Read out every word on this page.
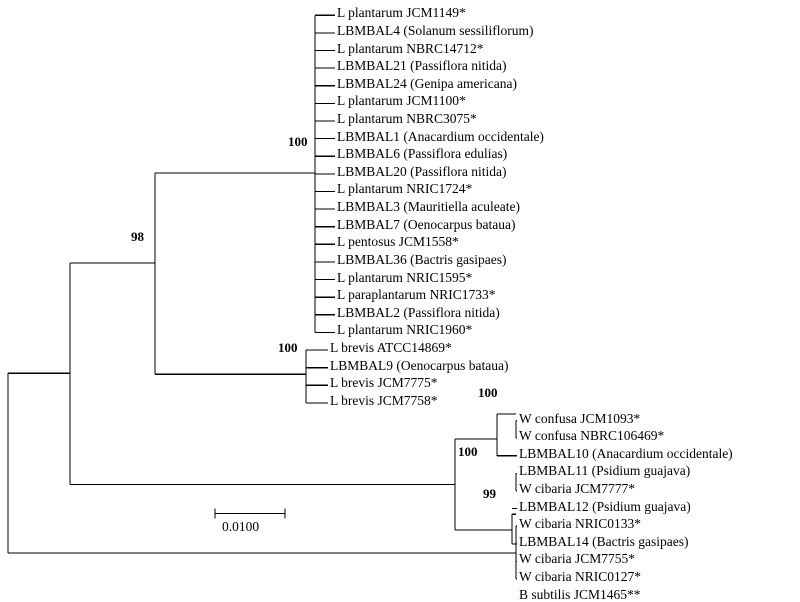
L plantarum JCM1149*
LBMBAL4 (Solanum sessiliflorum)
L plantarum NBRC14712*
LBMBAL21 (Passiflora nitida)
LBMBAL24 (Genipa americana)
L plantarum JCM1100*
L plantarum NBRC3075*
LBMBAL1 (Anacardium occidentale)
LBMBAL6 (Passiflora edulias)
LBMBAL20 (Passiflora nitida)
L plantarum NRIC1724*
LBMBAL3 (Mauritiella aculeate)
LBMBAL7 (Oenocarpus bataua)
L pentosus JCM1558*
LBMBAL36 (Bactris gasipaes)
L plantarum NRIC1595*
L paraplantarum NRIC1733*
LBMBAL2 (Passiflora nitida)
L plantarum NRIC1960*
L brevis ATCC14869*
LBMBAL9 (Oenocarpus bataua)
L brevis JCM7775*
L brevis JCM7758*
W confusa JCM1093*
W confusa NBRC106469*
LBMBAL10 (Anacardium occidentale)
LBMBAL11 (Psidium guajava)
W cibaria JCM7777*
LBMBAL12 (Psidium guajava)
W cibaria NRIC0133*
LBMBAL14 (Bactris gasipaes)
W cibaria JCM7755*
W cibaria NRIC0127*
B subtilis JCM1465**
100
98
100
100
100
99
0.0100
